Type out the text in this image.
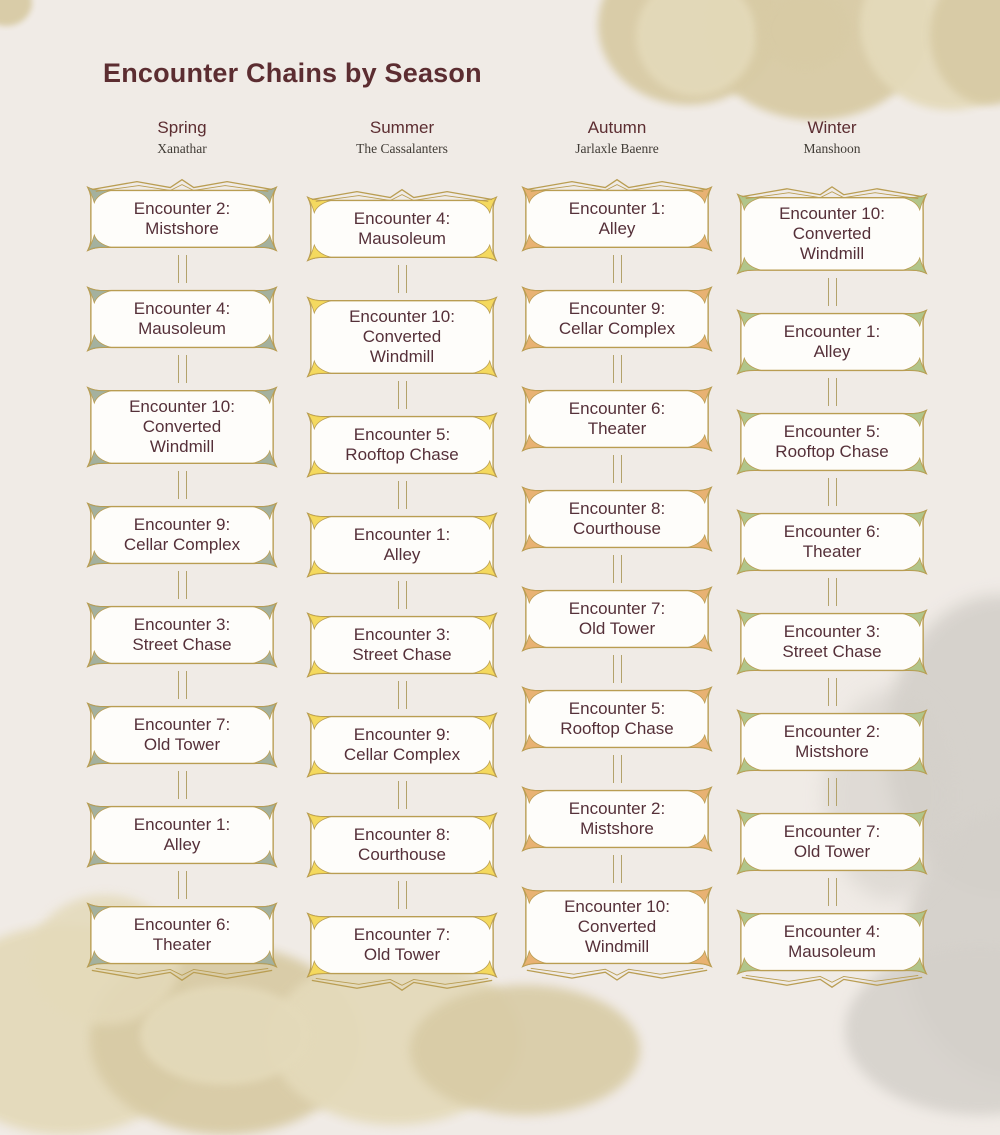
Encounter Chains by Season
Spring
Xanathar
Encounter 2:
Mistshore
Encounter 4:
Mausoleum
Encounter 10:
Converted
Windmill
Encounter 9:
Cellar Complex
Encounter 3:
Street Chase
Encounter 7:
Old Tower
Encounter 1:
Alley
Encounter 6:
Theater
Summer
The Cassalanters
Encounter 4:
Mausoleum
Encounter 10:
Converted
Windmill
Encounter 5:
Rooftop Chase
Encounter 1:
Alley
Encounter 3:
Street Chase
Encounter 9:
Cellar Complex
Encounter 8:
Courthouse
Encounter 7:
Old Tower
Autumn
Jarlaxle Baenre
Encounter 1:
Alley
Encounter 9:
Cellar Complex
Encounter 6:
Theater
Encounter 8:
Courthouse
Encounter 7:
Old Tower
Encounter 5:
Rooftop Chase
Encounter 2:
Mistshore
Encounter 10:
Converted
Windmill
Winter
Manshoon
Encounter 10:
Converted
Windmill
Encounter 1:
Alley
Encounter 5:
Rooftop Chase
Encounter 6:
Theater
Encounter 3:
Street Chase
Encounter 2:
Mistshore
Encounter 7:
Old Tower
Encounter 4:
Mausoleum
